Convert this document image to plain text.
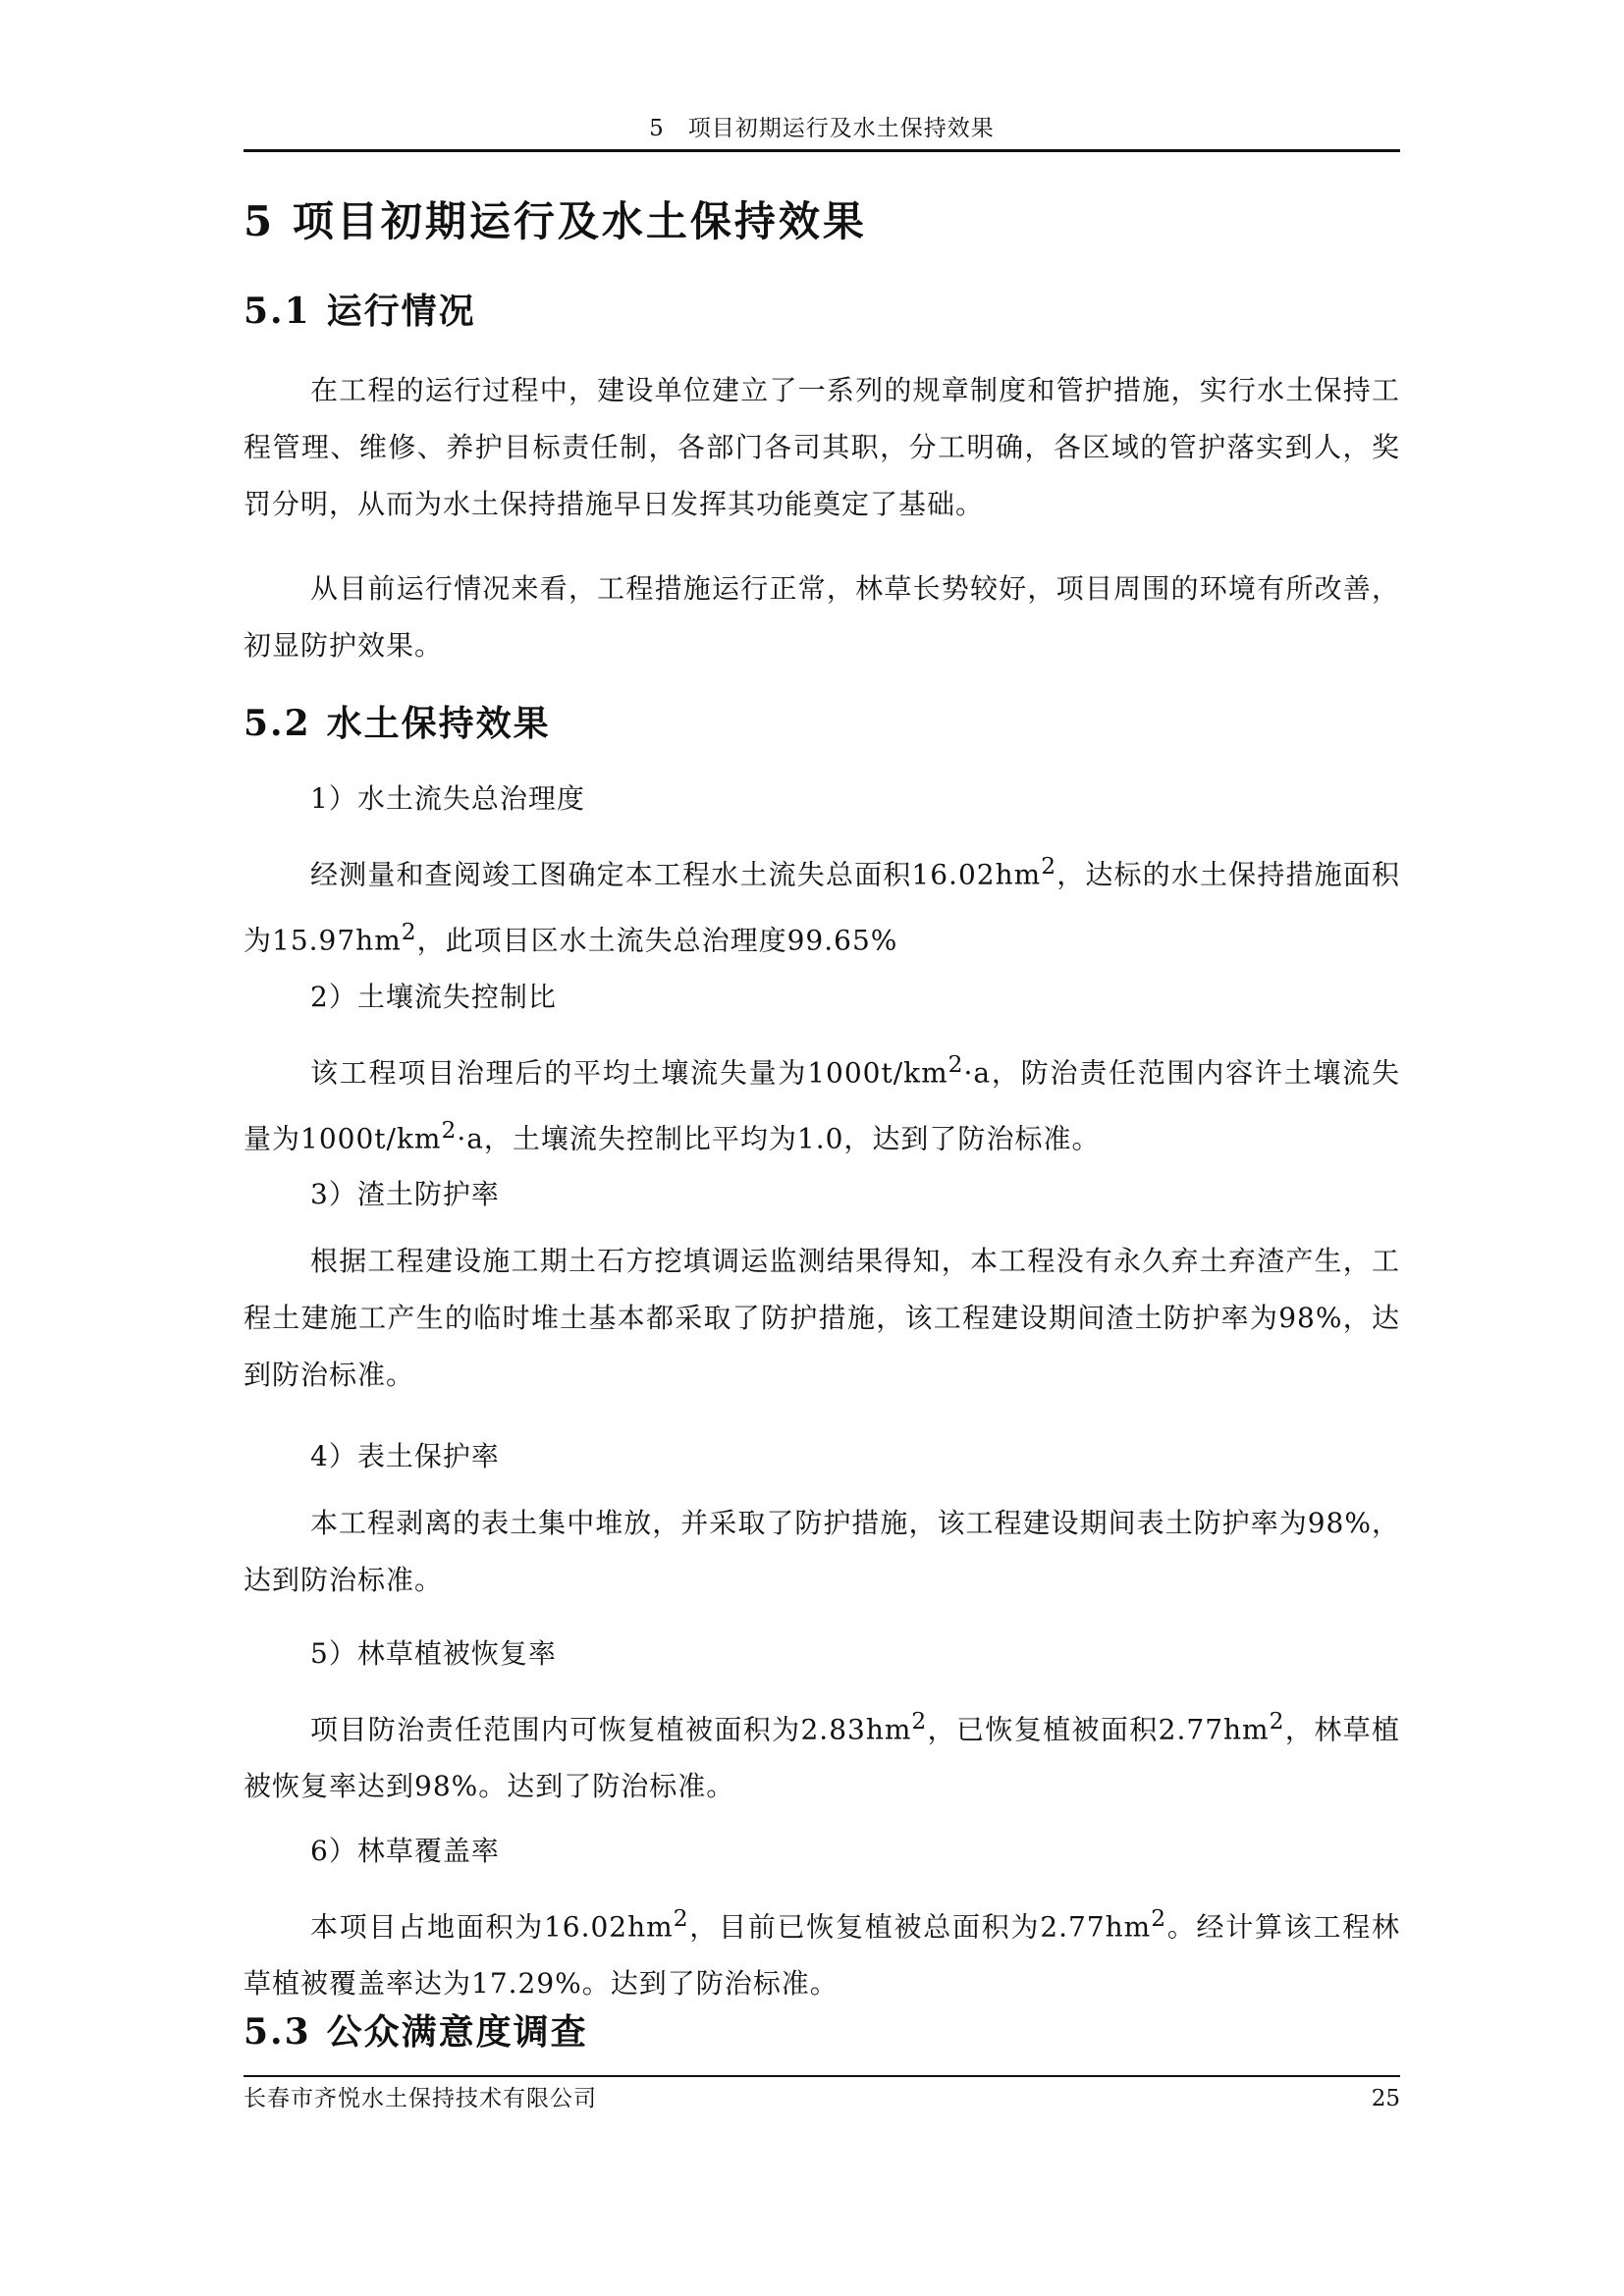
5　项目初期运行及水土保持效果
5 项目初期运行及水土保持效果
5.1 运行情况
在工程的运行过程中，建设单位建立了一系列的规章制度和管护措施，实行水土保持工程管理、维修、养护目标责任制，各部门各司其职，分工明确，各区域的管护落实到人，奖罚分明，从而为水土保持措施早日发挥其功能奠定了基础。
从目前运行情况来看，工程措施运行正常，林草长势较好，项目周围的环境有所改善，初显防护效果。
5.2 水土保持效果
1）水土流失总治理度
经测量和查阅竣工图确定本工程水土流失总面积$16.02hm^2$，达标的水土保持措施面积为$15.97hm^2$，此项目区水土流失总治理度99.65%
2）土壤流失控制比
该工程项目治理后的平均土壤流失量为$1000t/km^2\cdot a$，防治责任范围内容许土壤流失量为$1000t/km^2\cdot a$，土壤流失控制比平均为1.0，达到了防治标准。
3）渣土防护率
根据工程建设施工期土石方挖填调运监测结果得知，本工程没有永久弃土弃渣产生，工程土建施工产生的临时堆土基本都采取了防护措施，该工程建设期间渣土防护率为98%，达到防治标准。
4）表土保护率
本工程剥离的表土集中堆放，并采取了防护措施，该工程建设期间表土防护率为98%，达到防治标准。
5）林草植被恢复率
项目防治责任范围内可恢复植被面积为$2.83hm^2$，已恢复植被面积$2.77hm^2$，林草植被恢复率达到98%。达到了防治标准。
6）林草覆盖率
本项目占地面积为$16.02hm^2$，目前已恢复植被总面积为$2.77hm^2$。经计算该工程林草植被覆盖率达为17.29%。达到了防治标准。
5.3 公众满意度调查
长春市齐悦水土保持技术有限公司	25
